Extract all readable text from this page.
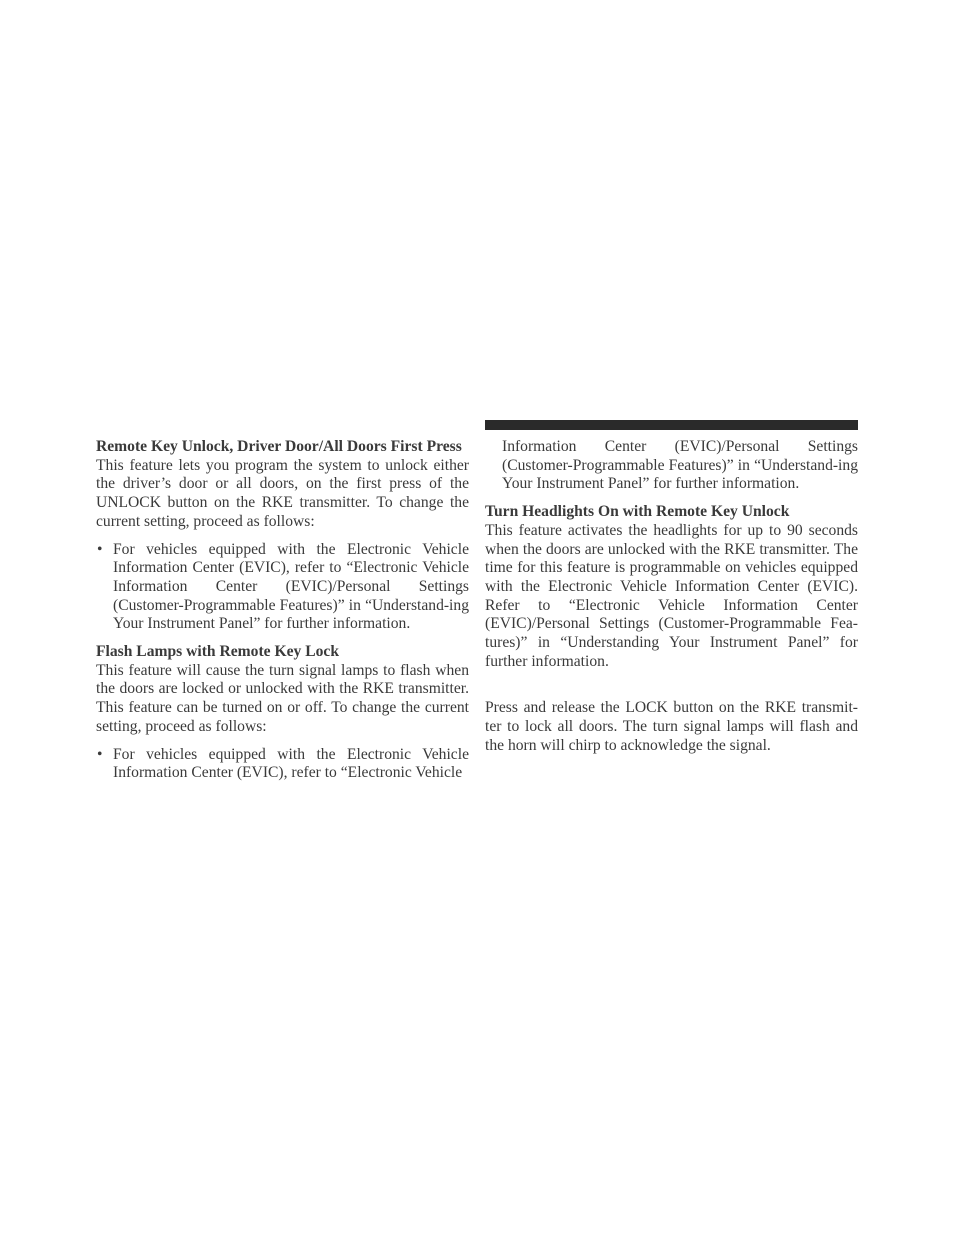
Remote Key Unlock, Driver Door/All Doors First Press

This feature lets you program the system to unlock either the driver’s door or all doors, on the first press of the UNLOCK button on the RKE transmitter. To change the current setting, proceed as follows:

• For vehicles equipped with the Electronic Vehicle Information Center (EVIC), refer to “Electronic Vehicle Information Center (EVIC)/Personal Settings (Customer-Programmable Features)” in “Understand-ing Your Instrument Panel” for further information.

Flash Lamps with Remote Key Lock

This feature will cause the turn signal lamps to flash when the doors are locked or unlocked with the RKE transmitter. This feature can be turned on or off. To change the current setting, proceed as follows:

• For vehicles equipped with the Electronic Vehicle Information Center (EVIC), refer to “Electronic Vehicle

Information Center (EVIC)/Personal Settings (Customer-Programmable Features)” in “Understand-ing Your Instrument Panel” for further information.

Turn Headlights On with Remote Key Unlock

This feature activates the headlights for up to 90 seconds when the doors are unlocked with the RKE transmitter. The time for this feature is programmable on vehicles equipped with the Electronic Vehicle Information Center (EVIC). Refer to “Electronic Vehicle Information Center (EVIC)/Personal Settings (Customer-Programmable Fea-tures)” in “Understanding Your Instrument Panel” for further information.

Press and release the LOCK button on the RKE transmit-ter to lock all doors. The turn signal lamps will flash and the horn will chirp to acknowledge the signal.
